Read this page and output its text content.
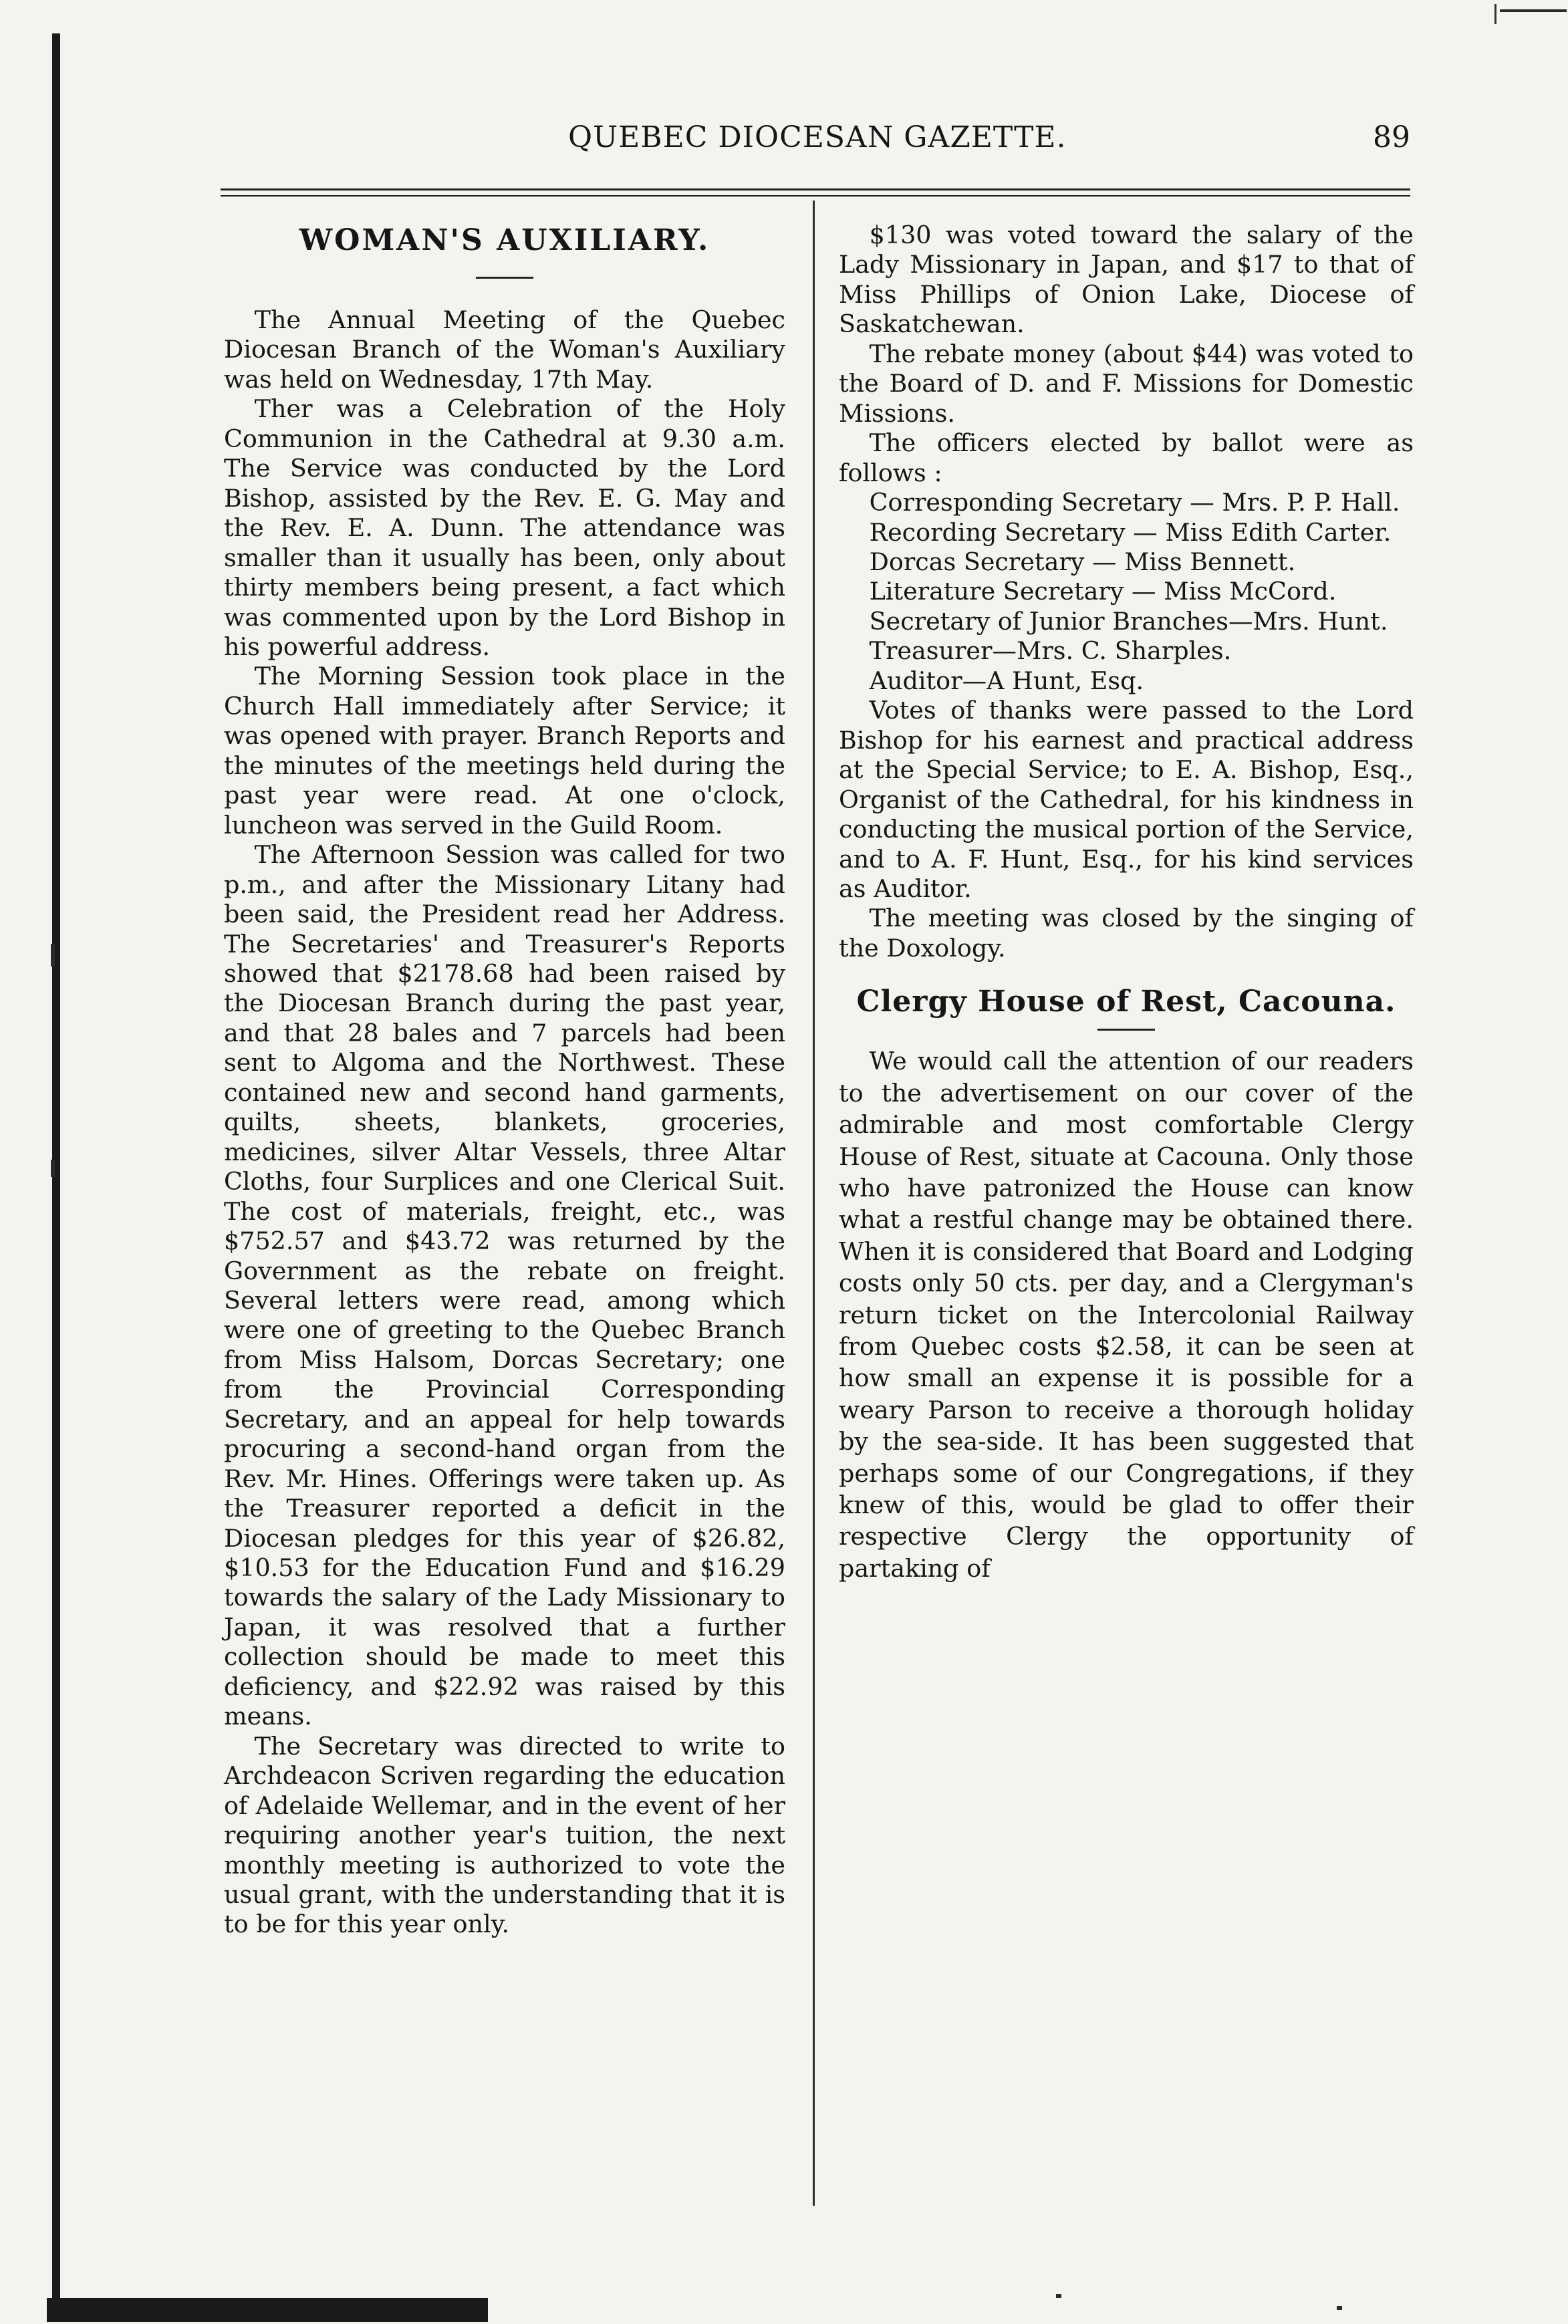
QUEBEC DIOCESAN GAZETTE.	89
WOMAN'S AUXILIARY.

The Annual Meeting of the Quebec Diocesan Branch of the Woman's Auxiliary was held on Wednesday, 17th May.

Ther was a Celebration of the Holy Communion in the Cathedral at 9.30 a.m. The Service was conducted by the Lord Bishop, assisted by the Rev. E. G. May and the Rev. E. A. Dunn. The attendance was smaller than it usually has been, only about thirty members being present, a fact which was commented upon by the Lord Bishop in his powerful address.

The Morning Session took place in the Church Hall immediately after Service; it was opened with prayer. Branch Reports and the minutes of the meetings held during the past year were read. At one o'clock, luncheon was served in the Guild Room.

The Afternoon Session was called for two p.m., and after the Missionary Litany had been said, the President read her Address. The Secretaries' and Treasurer's Reports showed that $2178.68 had been raised by the Diocesan Branch during the past year, and that 28 bales and 7 parcels had been sent to Algoma and the Northwest. These contained new and second hand garments, quilts, sheets, blankets, groceries, medicines, silver Altar Vessels, three Altar Cloths, four Surplices and one Clerical Suit. The cost of materials, freight, etc., was $752.57 and $43.72 was returned by the Government as the rebate on freight. Several letters were read, among which were one of greeting to the Quebec Branch from Miss Halsom, Dorcas Secretary; one from the Provincial Corresponding Secretary, and an appeal for help towards procuring a second-hand organ from the Rev. Mr. Hines. Offerings were taken up. As the Treasurer reported a deficit in the Diocesan pledges for this year of $26.82, $10.53 for the Education Fund and $16.29 towards the salary of the Lady Missionary to Japan, it was resolved that a further collection should be made to meet this deficiency, and $22.92 was raised by this means.

The Secretary was directed to write to Archdeacon Scriven regarding the education of Adelaide Wellemar, and in the event of her requiring another year's tuition, the next monthly meeting is authorized to vote the usual grant, with the understanding that it is to be for this year only.

$130 was voted toward the salary of the Lady Missionary in Japan, and $17 to that of Miss Phillips of Onion Lake, Diocese of Saskatchewan.

The rebate money (about $44) was voted to the Board of D. and F. Missions for Domestic Missions.

The officers elected by ballot were as follows :

Corresponding Secretary — Mrs. P. P. Hall.

Recording Secretary — Miss Edith Carter.

Dorcas Secretary — Miss Bennett.

Literature Secretary — Miss McCord.

Secretary of Junior Branches—Mrs. Hunt.

Treasurer—Mrs. C. Sharples.

Auditor—A Hunt, Esq.

Votes of thanks were passed to the Lord Bishop for his earnest and practical address at the Special Service; to E. A. Bishop, Esq., Organist of the Cathedral, for his kindness in conducting the musical portion of the Service, and to A. F. Hunt, Esq., for his kind services as Auditor.

The meeting was closed by the singing of the Doxology.

Clergy House of Rest, Cacouna.

We would call the attention of our readers to the advertisement on our cover of the admirable and most comfortable Clergy House of Rest, situate at Cacouna. Only those who have patronized the House can know what a restful change may be obtained there. When it is considered that Board and Lodging costs only 50 cts. per day, and a Clergyman's return ticket on the Intercolonial Railway from Quebec costs $2.58, it can be seen at how small an expense it is possible for a weary Parson to receive a thorough holiday by the sea-side. It has been suggested that perhaps some of our Congregations, if they knew of this, would be glad to offer their respective Clergy the opportunity of partaking of
